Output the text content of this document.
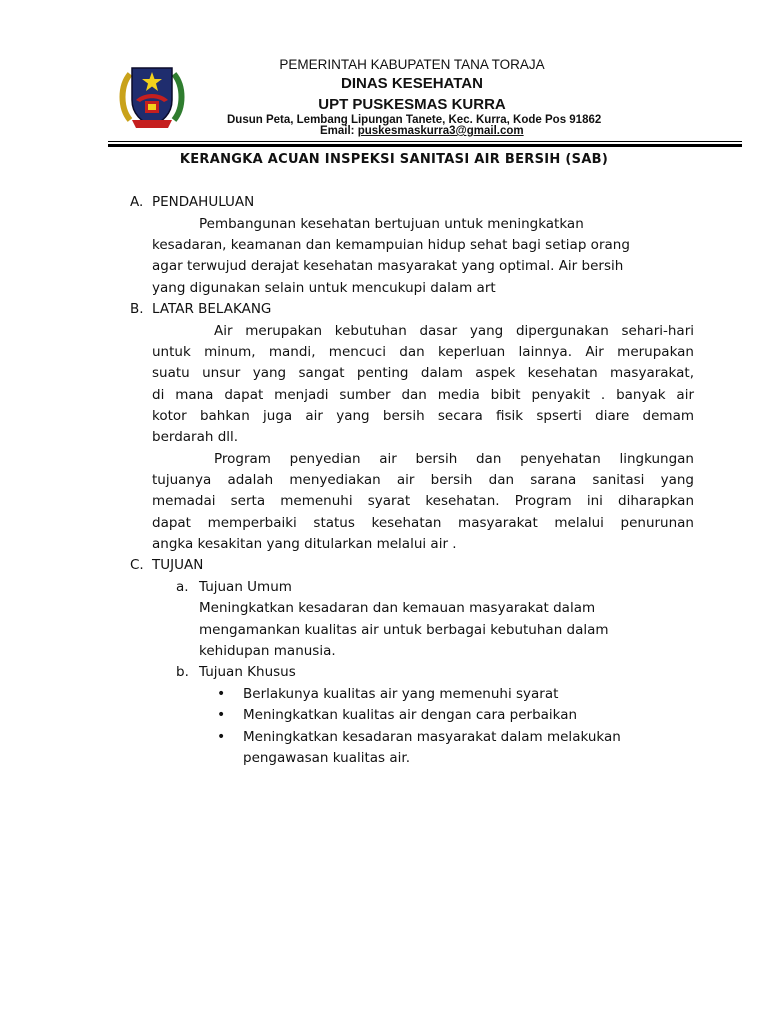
PEMERINTAH KABUPATEN TANA TORAJA
DINAS KESEHATAN
UPT PUSKESMAS KURRA
Dusun Peta, Lembang Lipungan Tanete, Kec. Kurra, Kode Pos 91862
Email: puskesmaskurra3@gmail.com
KERANGKA ACUAN INSPEKSI SANITASI AIR BERSIH (SAB)
A. PENDAHULUAN
Pembangunan kesehatan bertujuan untuk meningkatkan
kesadaran, keamanan dan kemampuian hidup sehat bagi setiap orang
agar terwujud derajat kesehatan masyarakat yang optimal. Air bersih
yang digunakan selain untuk mencukupi dalam art
B. LATAR BELAKANG
Air merupakan kebutuhan dasar yang dipergunakan sehari-hari
untuk minum, mandi, mencuci dan keperluan lainnya. Air merupakan
suatu unsur yang sangat penting dalam aspek kesehatan masyarakat,
di mana dapat menjadi sumber dan media bibit penyakit . banyak air
kotor bahkan juga air yang bersih secara fisik spserti diare demam
berdarah dll.
Program penyedian air bersih dan penyehatan lingkungan
tujuanya adalah menyediakan air bersih dan sarana sanitasi yang
memadai serta memenuhi syarat kesehatan. Program ini diharapkan
dapat memperbaiki status kesehatan masyarakat melalui penurunan
angka kesakitan yang ditularkan melalui air .
C. TUJUAN
a. Tujuan Umum
Meningkatkan kesadaran dan kemauan masyarakat dalam
mengamankan kualitas air untuk berbagai kebutuhan dalam
kehidupan manusia.
b. Tujuan Khusus
• Berlakunya kualitas air yang memenuhi syarat
• Meningkatkan kualitas air dengan cara perbaikan
• Meningkatkan kesadaran masyarakat dalam melakukan
pengawasan kualitas air.
